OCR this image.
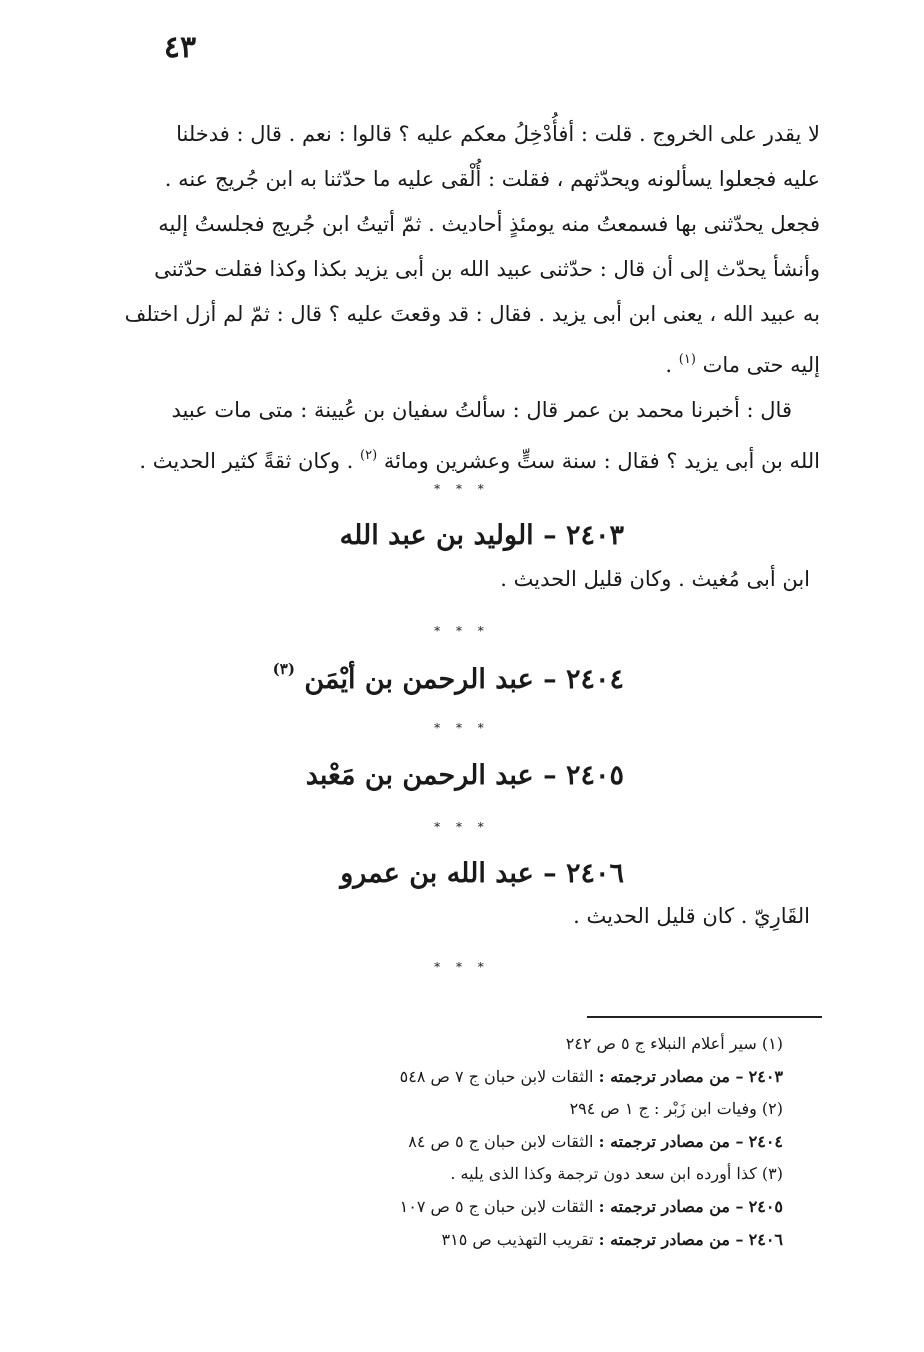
٤٣

لا يقدر على الخروج . قلت : أفأُدْخِلُ معكم عليه ؟ قالوا : نعم . قال : فدخلنا
عليه فجعلوا يسألونه ويحدّثهم ، فقلت : أُلْقى عليه ما حدّثنا به ابن جُريج عنه .
فجعل يحدّثنى بها فسمعتُ منه يومئذٍ أحاديث . ثمّ أتيتُ ابن جُريج فجلستُ إليه
وأنشأ يحدّث إلى أن قال : حدّثنى عبيد الله بن أبى يزيد بكذا وكذا فقلت حدّثنى
به عبيد الله ، يعنى ابن أبى يزيد . فقال : قد وقعتَ عليه ؟ قال : ثمّ لم أزل اختلف
إليه حتى مات $^{(١)}$ .

قال : أخبرنا محمد بن عمر قال : سألتُ سفيان بن عُيينة : متى مات عبيد
الله بن أبى يزيد ؟ فقال : سنة ستٍّ وعشرين ومائة $^{(٢)}$ . وكان ثقةً كثير الحديث .

* * *
٢٤٠٣ – الوليد بن عبد الله
ابن أبى مُغيث . وكان قليل الحديث .
* * *
٢٤٠٤ – عبد الرحمن بن أيْمَن $^{(٣)}$
* * *
٢٤٠٥ – عبد الرحمن بن مَعْبد
* * *
٢٤٠٦ – عبد الله بن عمرو
القَارِيّ . كان قليل الحديث .
* * *
(١) سير أعلام النبلاء ج ٥ ص ٢٤٢
٢٤٠٣ – من مصادر ترجمته : الثقات لابن حبان ج ٧ ص ٥٤٨
(٢) وفيات ابن زَبْر : ج ١ ص ٢٩٤
٢٤٠٤ – من مصادر ترجمته : الثقات لابن حبان ج ٥ ص ٨٤
(٣) كذا أورده ابن سعد دون ترجمة وكذا الذى يليه .
٢٤٠٥ – من مصادر ترجمته : الثقات لابن حبان ج ٥ ص ١٠٧
٢٤٠٦ – من مصادر ترجمته : تقريب التهذيب ص ٣١٥
